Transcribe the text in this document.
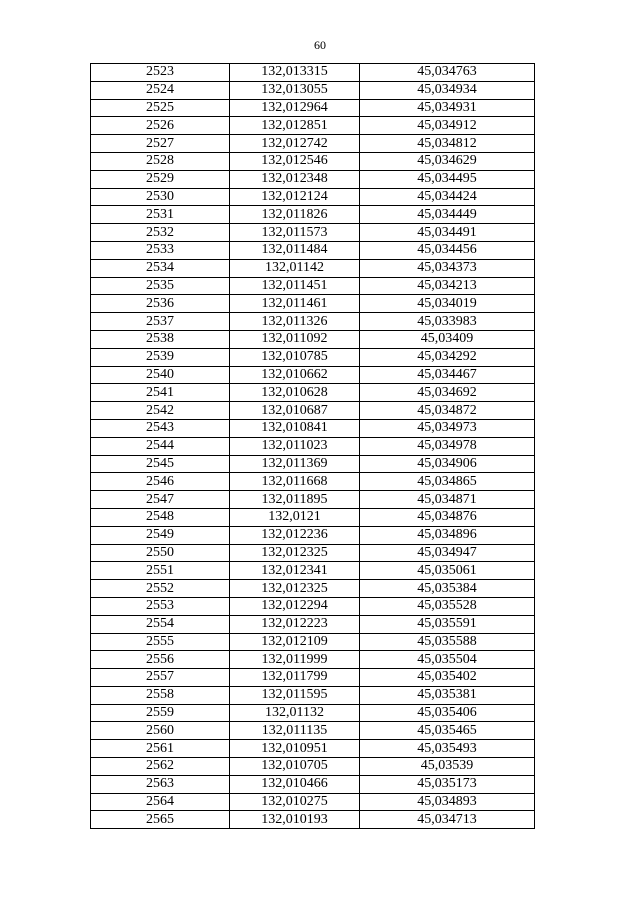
60
2523	132,013315	45,034763
2524	132,013055	45,034934
2525	132,012964	45,034931
2526	132,012851	45,034912
2527	132,012742	45,034812
2528	132,012546	45,034629
2529	132,012348	45,034495
2530	132,012124	45,034424
2531	132,011826	45,034449
2532	132,011573	45,034491
2533	132,011484	45,034456
2534	132,01142	45,034373
2535	132,011451	45,034213
2536	132,011461	45,034019
2537	132,011326	45,033983
2538	132,011092	45,03409
2539	132,010785	45,034292
2540	132,010662	45,034467
2541	132,010628	45,034692
2542	132,010687	45,034872
2543	132,010841	45,034973
2544	132,011023	45,034978
2545	132,011369	45,034906
2546	132,011668	45,034865
2547	132,011895	45,034871
2548	132,0121	45,034876
2549	132,012236	45,034896
2550	132,012325	45,034947
2551	132,012341	45,035061
2552	132,012325	45,035384
2553	132,012294	45,035528
2554	132,012223	45,035591
2555	132,012109	45,035588
2556	132,011999	45,035504
2557	132,011799	45,035402
2558	132,011595	45,035381
2559	132,01132	45,035406
2560	132,011135	45,035465
2561	132,010951	45,035493
2562	132,010705	45,03539
2563	132,010466	45,035173
2564	132,010275	45,034893
2565	132,010193	45,034713
